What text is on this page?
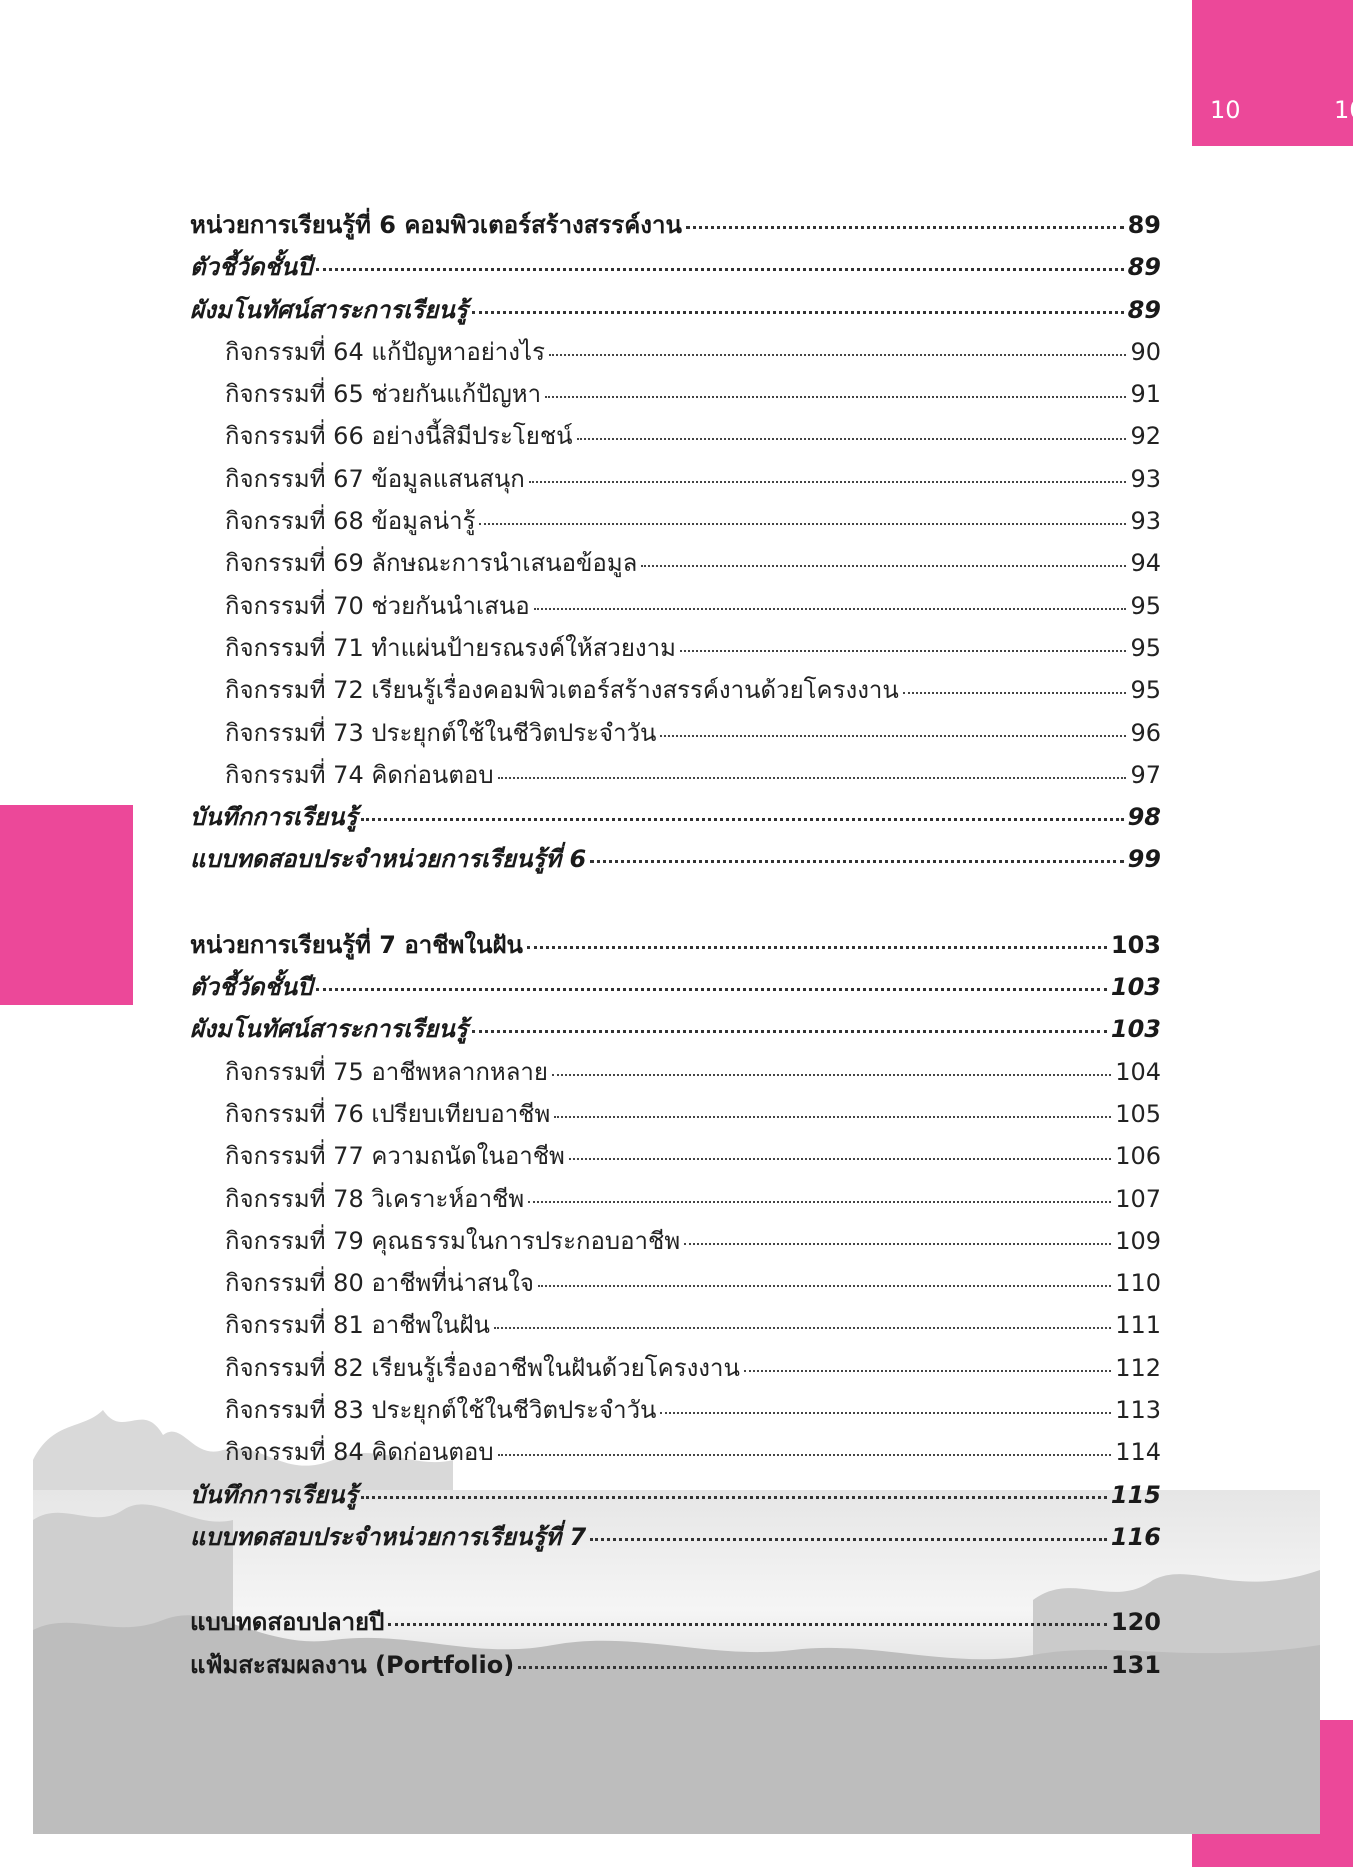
10	10
หน่วยการเรียนรู้ที่ 6 คอมพิวเตอร์สร้างสรรค์งาน	89
ตัวชี้วัดชั้นปี	89
ผังมโนทัศน์สาระการเรียนรู้	89
กิจกรรมที่ 64 แก้ปัญหาอย่างไร	90
กิจกรรมที่ 65 ช่วยกันแก้ปัญหา	91
กิจกรรมที่ 66 อย่างนี้สิมีประโยชน์	92
กิจกรรมที่ 67 ข้อมูลแสนสนุก	93
กิจกรรมที่ 68 ข้อมูลน่ารู้	93
กิจกรรมที่ 69 ลักษณะการนำเสนอข้อมูล	94
กิจกรรมที่ 70 ช่วยกันนำเสนอ	95
กิจกรรมที่ 71 ทำแผ่นป้ายรณรงค์ให้สวยงาม	95
กิจกรรมที่ 72 เรียนรู้เรื่องคอมพิวเตอร์สร้างสรรค์งานด้วยโครงงาน	95
กิจกรรมที่ 73 ประยุกต์ใช้ในชีวิตประจำวัน	96
กิจกรรมที่ 74 คิดก่อนตอบ	97
บันทึกการเรียนรู้	98
แบบทดสอบประจำหน่วยการเรียนรู้ที่ 6	99
หน่วยการเรียนรู้ที่ 7 อาชีพในฝัน	103
ตัวชี้วัดชั้นปี	103
ผังมโนทัศน์สาระการเรียนรู้	103
กิจกรรมที่ 75 อาชีพหลากหลาย	104
กิจกรรมที่ 76 เปรียบเทียบอาชีพ	105
กิจกรรมที่ 77 ความถนัดในอาชีพ	106
กิจกรรมที่ 78 วิเคราะห์อาชีพ	107
กิจกรรมที่ 79 คุณธรรมในการประกอบอาชีพ	109
กิจกรรมที่ 80 อาชีพที่น่าสนใจ	110
กิจกรรมที่ 81 อาชีพในฝัน	111
กิจกรรมที่ 82 เรียนรู้เรื่องอาชีพในฝันด้วยโครงงาน	112
กิจกรรมที่ 83 ประยุกต์ใช้ในชีวิตประจำวัน	113
กิจกรรมที่ 84 คิดก่อนตอบ	114
บันทึกการเรียนรู้	115
แบบทดสอบประจำหน่วยการเรียนรู้ที่ 7	116
แบบทดสอบปลายปี	120
แฟ้มสะสมผลงาน (Portfolio)	131
